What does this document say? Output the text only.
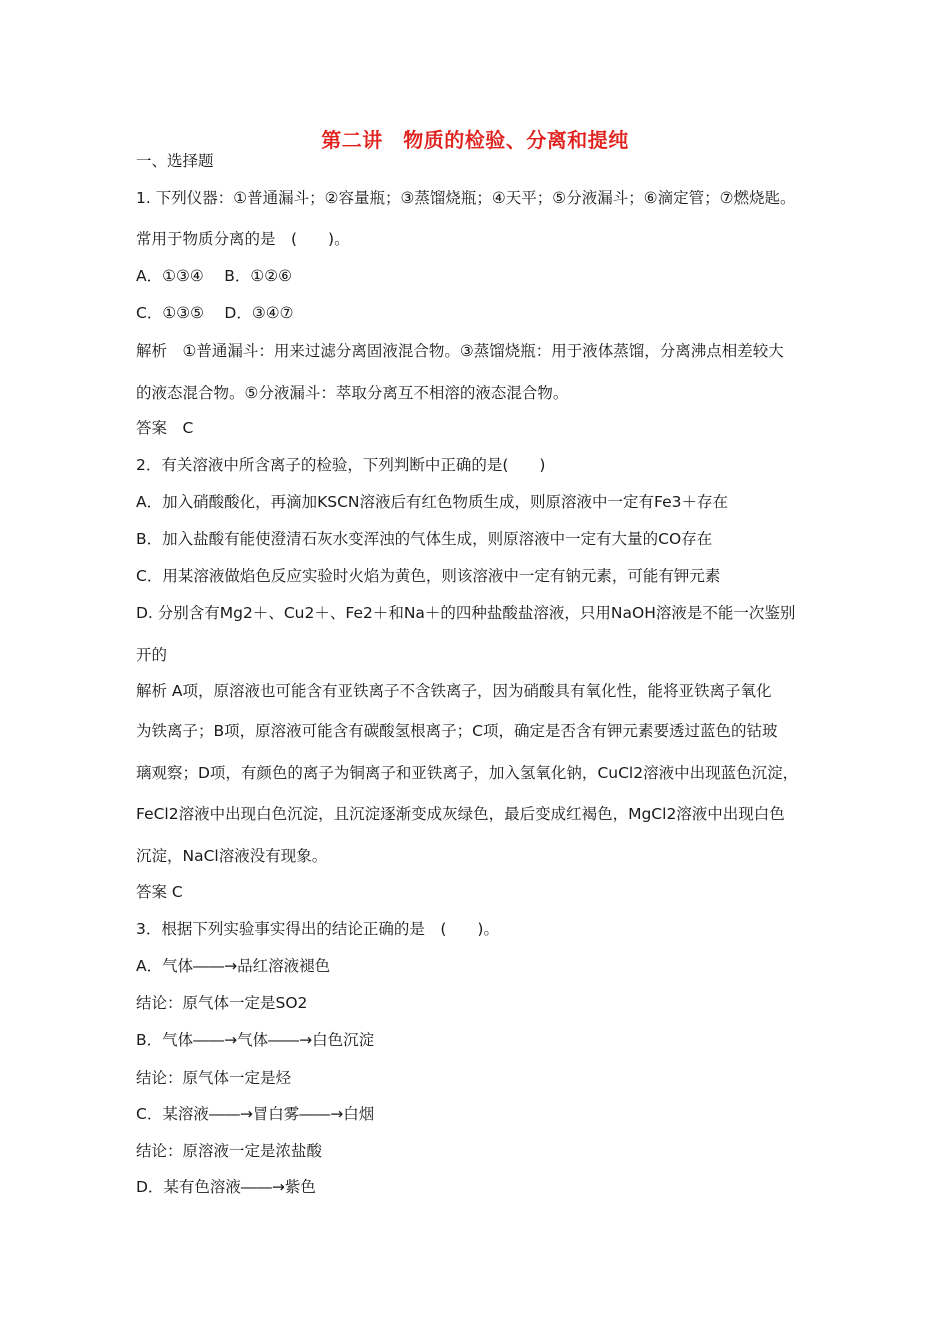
第二讲　物质的检验、分离和提纯
一、选择题
1. 下列仪器：①普通漏斗；②容量瓶；③蒸馏烧瓶；④天平；⑤分液漏斗；⑥滴定管；⑦燃烧匙。
常用于物质分离的是　(　　)。
A．①③④　 B．①②⑥
C．①③⑤　 D．③④⑦
解析　①普通漏斗：用来过滤分离固液混合物。③蒸馏烧瓶：用于液体蒸馏，分离沸点相差较大
的液态混合物。⑤分液漏斗：萃取分离互不相溶的液态混合物。
答案　C
2．有关溶液中所含离子的检验，下列判断中正确的是(　　)
A．加入硝酸酸化，再滴加KSCN溶液后有红色物质生成，则原溶液中一定有Fe3＋存在
B．加入盐酸有能使澄清石灰水变浑浊的气体生成，则原溶液中一定有大量的CO存在
C．用某溶液做焰色反应实验时火焰为黄色，则该溶液中一定有钠元素，可能有钾元素
D. 分别含有Mg2＋、Cu2＋、Fe2＋和Na＋的四种盐酸盐溶液，只用NaOH溶液是不能一次鉴别
开的
解析 A项，原溶液也可能含有亚铁离子不含铁离子，因为硝酸具有氧化性，能将亚铁离子氧化
为铁离子；B项，原溶液可能含有碳酸氢根离子；C项，确定是否含有钾元素要透过蓝色的钴玻
璃观察；D项，有颜色的离子为铜离子和亚铁离子，加入氢氧化钠，CuCl2溶液中出现蓝色沉淀，
FeCl2溶液中出现白色沉淀，且沉淀逐渐变成灰绿色，最后变成红褐色，MgCl2溶液中出现白色
沉淀，NaCl溶液没有现象。
答案 C
3．根据下列实验事实得出的结论正确的是　(　　)。
A．气体――→品红溶液褪色
结论：原气体一定是SO2
B．气体――→气体――→白色沉淀
结论：原气体一定是烃
C．某溶液――→冒白雾――→白烟
结论：原溶液一定是浓盐酸
D．某有色溶液――→紫色
